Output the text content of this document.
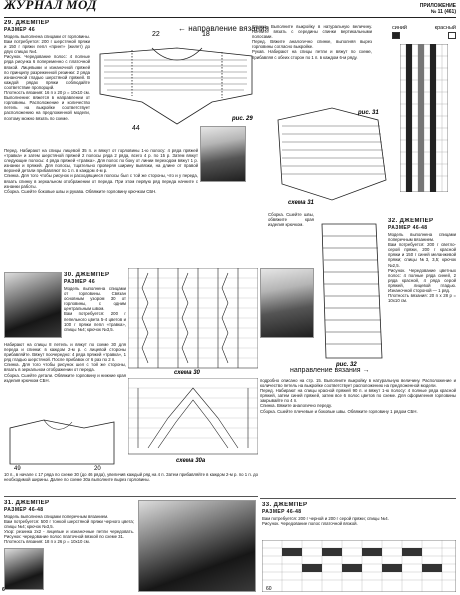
ЖУРНАЛ МОД	ПРИЛОЖЕНИЕ
№ 11 (461)
29. ДЖЕМПЕР
РАЗМЕР 46

Модель выполнена спицами от горловины.

Вам потребуется: 200 г шерстяной пряжи и 150 г пряжи пепл «принт» (жилет) до двух спицах №4.

Рисунок. Чередование полос: 4 полные ряда рисунка 6 попеременно с платочной вязкой. Лицевыми и изнаночной пряжей по принципу разреженной резинки: 2 ряда изнаночной гладью шерстяной пряжей. В каждой рядах пряжи соблюдайте соответствие пропорций.

Плотность вязания: 16 п x 20 р = 10x10 см.

Выполнение: вяжется в направлении от горловины. Расположение и количество петель на выкройке соответствует расположению на предложенной модели, поэтому можно вязать по схеме.

22	18
44
рис. 29
← направление вязания

Перед. Набирают на спицы лицевой 35 п. и вяжут от горловины 1-ю полосу: 4 ряда пряжей «травка» и затем шерстяной пряжей 2 полосы ряда 2 ряда, всего 4 р. по 15 р. Затем вяжут следующие полосы: 4 ряда пряжей «травка». Для полос по боку от линии переходом вяжут 1 р. изнанки и пряжей. Для полосы, тщательно проверяя ширину вывязки, на длине от правой верхней детали прибавляют по 1 п. в каждом 4-м р.

Спинка. Для того чтобы рисунок и расходящиеся полосы был с той же стороны, что и у переда, вязать спинку в зеркальном отображении от переда. При этом первую ряд переда начните с изнанки работы.

Сборка. Сшейте боковые швы и рукава. Обвяжите горловину крючком СБН.

Спинка. Выполните выкройку в натуральную величину. Начните вязать с середины спинки вертикальными полосами.

Перед. Вяжите аналогично спинке, выполняя вырез горловины согласно выкройке.

Рукав. Набирают на спицы петли и вяжут по схеме, прибавляя с обеих сторон по 1 п. в каждом 6-м ряду.

синий	красный
схема 31
рис. 31
30. ДЖЕМПЕР
РАЗМЕР 46

Модель выполнена спицами от горловины. Связан основным узором 30 от горловины, с одним центральным швом.

Вам потребуется: 200 г пепельного цвета 5-4 цветов и 100 г пряжи пепл «травка», спицы №4; крючок №3,5.

Набирают на спицы 8 петель и вяжут по схеме 30 для переда и спинки: в каждом 2-м р. с лицевой стороны прибавляйте. Вяжут поочередно: 4 ряда пряжей «травка», 1 ряд гладью шерстяной. После прибавок от 6 раз по 2 п.

Спинка. Для того чтобы рисунок шел с той же стороны, вязать в зеркальном отображении от переда.

Сборка. Сшейте детали. Обвяжите горловину и нижние края изделия крючком СБН.

схема 30
схема 30а
49	20

10 п., в начале с 17 ряда по схеме 30 (до 46 ряда), увеличив каждый ряд на 4 п. Затем прибавляйте в каждом 2-м р. по 1 п. до необходимой ширины. Далее по схеме 30а выполните вырез горловины.

31. ДЖЕМПЕР
РАЗМЕР 46-48

Модель выполнена спицами поперечным вязанием.

Вам потребуется: 500 г тонкой шерстяной пряжи черного цвета; спицы №4; крючок №3,5.

Узор: резинка 2x2 - лицевые и изнаночные петли чередовать. Рисунок: чередование полос платочной вязкой по схеме 31.

Плотность вязания: 18 п x 26 р = 10x10 см.

32. ДЖЕМПЕР
РАЗМЕР 46-48

Модель выполнена спицами поперечным вязанием.

Вам потребуется: 200 г светло-серой пряжи, 200 г красной пряжи и 150 г синей меланжевой пряжи; спицы №3, 3,5; крючок №2,5.

Рисунок. Чередование цветных полос: 4 полные ряда синей, 2 ряда красной, 4 ряда серой пряжей, лицевой гладью. Изнаночной стороной — 1 ряд.

Плотность вязания: 20 п x 28 р = 10x10 см.

рис. 32
направление вязания →

подробно описано на стр. 15. Выполните выкройку в натуральную величину. Расположение и количество петель на выкройке соответствует расположению на предложенной модели.

Перед. Набирают на спицы красной пряжей 90 п. и вяжут 1-ю полосу: 4 полные ряда красной пряжей, затем синей пряжей, затем все 6 полос цветов по схеме. Для оформления горловины закрывайте по 4 п.

Спинка. Вяжите аналогично переду.

Сборка. Сшейте плечевые и боковые швы. Обвяжите горловину 1 рядом СБН.

Сборка. Сшейте швы, обвяжите края изделия крючком.

33. ДЖЕМПЕР
РАЗМЕР 46-48

Вам потребуется: 200 г черной и 200 г серой пряжи; спицы №4.

Рисунок. Чередование полос платочной вязкой.

60
6
